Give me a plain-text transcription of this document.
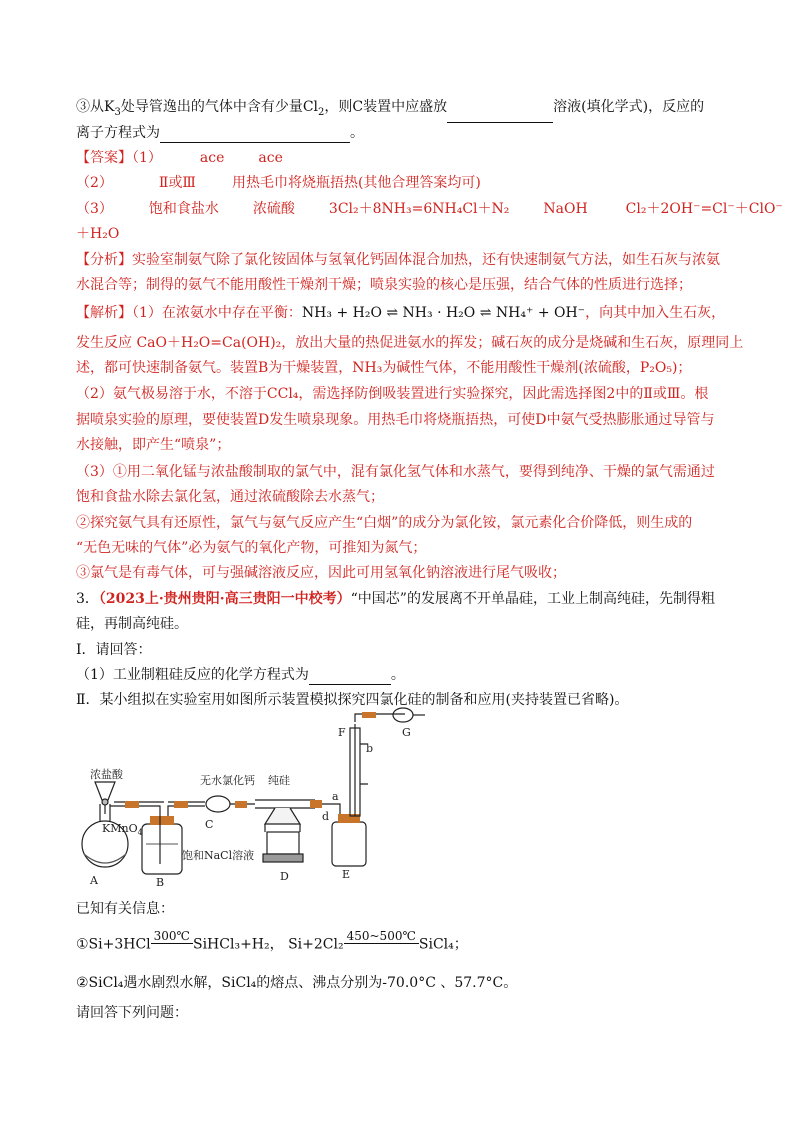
③从$K_3$处导管逸出的气体中含有少量$Cl_2$，则C装置中应盛放	溶液(填化学式)，反应的
离子方程式为	。
【答案】（1）	ace ace
（2）	Ⅱ或Ⅲ	用热毛巾将烧瓶捂热(其他合理答案均可)
（3）	饱和食盐水 浓硫酸 3Cl₂＋8NH₃=6NH₄Cl＋N₂ NaOH	Cl₂＋2OH⁻=Cl⁻＋ClO⁻
＋H₂O
【分析】实验室制氨气除了氯化铵固体与氢氧化钙固体混合加热，还有快速制氨气方法，如生石灰与浓氨
水混合等；制得的氨气不能用酸性干燥剂干燥；喷泉实验的核心是压强，结合气体的性质进行选择；
【解析】（1）在浓氨水中存在平衡：NH₃ + H₂O ⇌ NH₃ · H₂O ⇌ NH₄⁺ + OH⁻，向其中加入生石灰，
发生反应 CaO＋H₂O=Ca(OH)₂，放出大量的热促进氨水的挥发；碱石灰的成分是烧碱和生石灰，原理同上
述，都可快速制备氨气。装置B为干燥装置，NH₃为碱性气体，不能用酸性干燥剂(浓硫酸，P₂O₅)；
（2）氨气极易溶于水，不溶于CCl₄，需选择防倒吸装置进行实验探究，因此需选择图2中的Ⅱ或Ⅲ。根
据喷泉实验的原理，要使装置D发生喷泉现象。用热毛巾将烧瓶捂热，可使D中氨气受热膨胀通过导管与
水接触，即产生“喷泉”；
（3）①用二氧化锰与浓盐酸制取的氯气中，混有氯化氢气体和水蒸气，要得到纯净、干燥的氯气需通过
饱和食盐水除去氯化氢，通过浓硫酸除去水蒸气；
②探究氨气具有还原性，氯气与氨气反应产生“白烟”的成分为氯化铵，氯元素化合价降低，则生成的
“无色无味的气体”必为氨气的氧化产物，可推知为氮气；
③氯气是有毒气体，可与强碱溶液反应，因此可用氢氧化钠溶液进行尾气吸收；
3．（2023上·贵州贵阳·高三贵阳一中校考）“中国芯”的发展离不开单晶硅，工业上制高纯硅，先制得粗
硅，再制高纯硅。
Ⅰ．请回答：
（1）工业制粗硅反应的化学方程式为	。
Ⅱ．某小组拟在实验室用如图所示装置模拟探究四氯化硅的制备和应用(夹持装置已省略)。
浓盐酸
KMnO$_4$
A	B
饱和NaCl溶液
无水氯化钙
C
纯硅
D
a
d
E
F
b
G
已知有关信息：
①Si+3HCl
300℃
SiHCl₃+H₂， Si+2Cl₂
450~500℃
SiCl₄；
②SiCl₄遇水剧烈水解，SiCl₄的熔点、沸点分别为-70.0°C 、57.7°C。
请回答下列问题：
